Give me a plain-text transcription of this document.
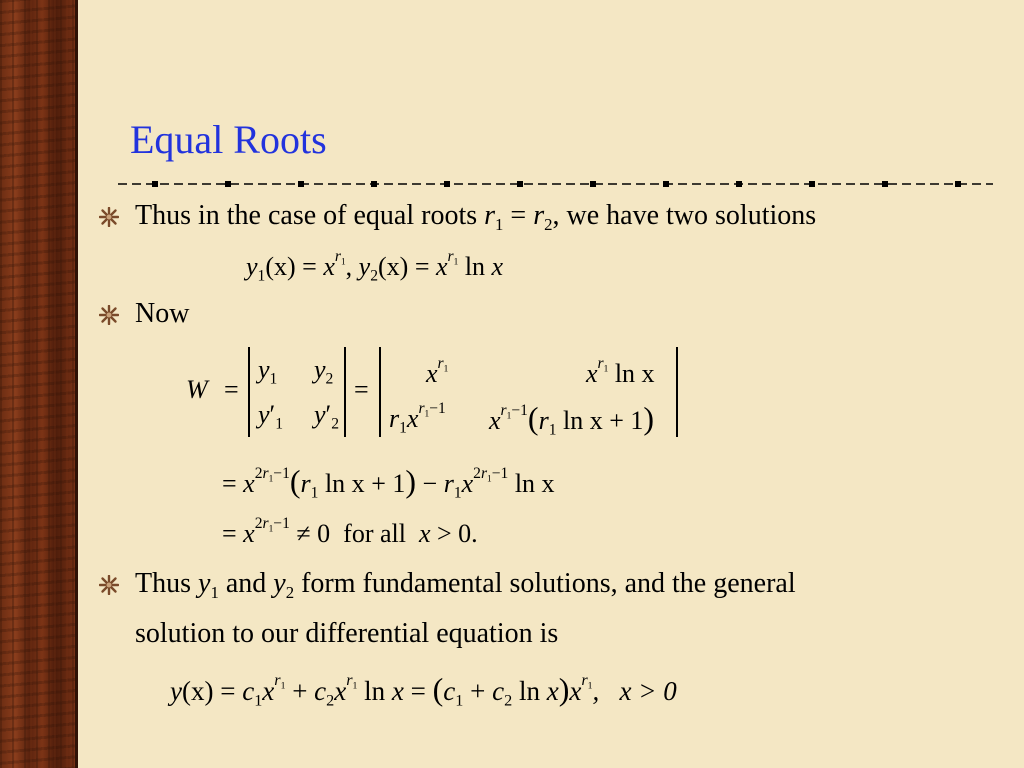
Equal Roots
Thus in the case of equal roots $r_1 = r_2$, we have two solutions
$y_1(x) = x^{r_1}$, $y_2(x) = x^{r_1}$ ln x
Now
W =
$y_1$ $y_2$
$y'_1$ $y'_2$
=
$x^{r_1}$	$x^{r_1}$ ln x
$r_1x^{r_1-1}$ $x^{r_1-1}(r_1$ ln x + 1)
= $x^{2r_1-1}(r_1$ $\ln x + 1) - r_1x^{2r_1-1}$ ln x
= $x^{2r_1-1} \ne 0$ for all x > 0.
Thus $y_1$ and $y_2$ form fundamental solutions, and the general
solution to our differential equation is
$y(x) = c_1x^{r_1} + c_2x^{r_1}$ $\ln x = (c_1 + c_2$ $\ln x)x^{r_1}$,   x > 0
